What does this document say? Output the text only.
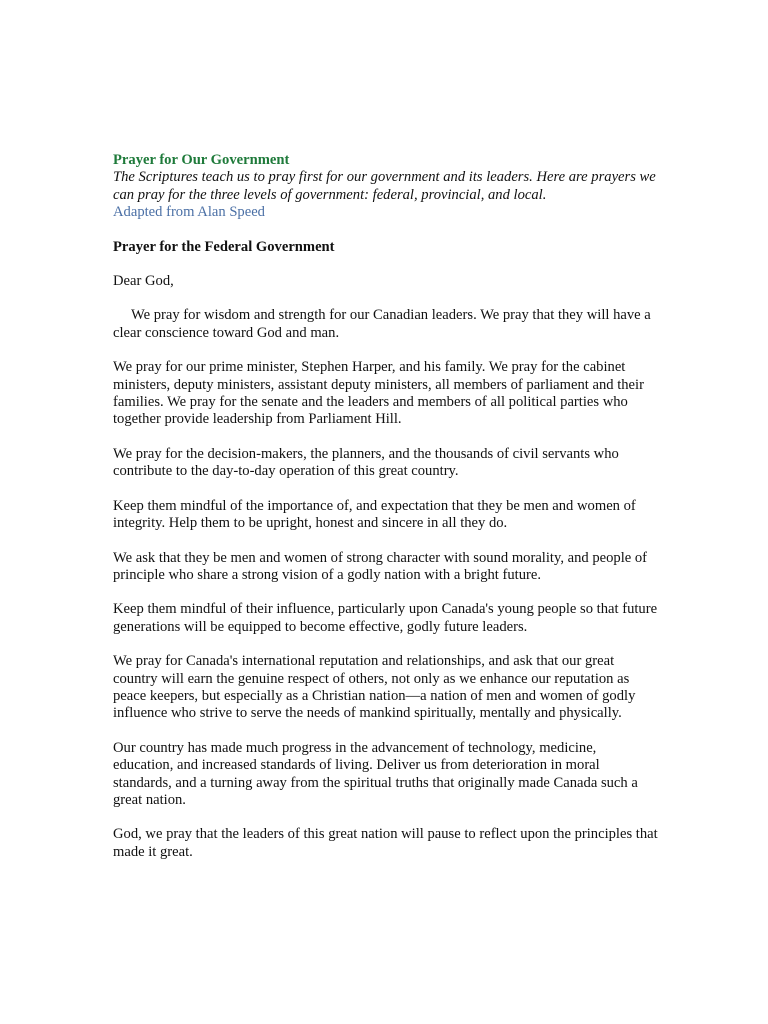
Prayer for Our Government

The Scriptures teach us to pray first for our government and its leaders. Here are prayers we can pray for the three levels of government: federal, provincial, and local.

Adapted from Alan Speed

Prayer for the Federal Government

Dear God,

We pray for wisdom and strength for our Canadian leaders. We pray that they will have a clear conscience toward God and man.

We pray for our prime minister, Stephen Harper, and his family. We pray for the cabinet ministers, deputy ministers, assistant deputy ministers, all members of parliament and their families. We pray for the senate and the leaders and members of all political parties who together provide leadership from Parliament Hill.

We pray for the decision-makers, the planners, and the thousands of civil servants who contribute to the day-to-day operation of this great country.

Keep them mindful of the importance of, and expectation that they be men and women of integrity. Help them to be upright, honest and sincere in all they do.

We ask that they be men and women of strong character with sound morality, and people of principle who share a strong vision of a godly nation with a bright future.

Keep them mindful of their influence, particularly upon Canada's young people so that future generations will be equipped to become effective, godly future leaders.

We pray for Canada's international reputation and relationships, and ask that our great country will earn the genuine respect of others, not only as we enhance our reputation as peace keepers, but especially as a Christian nation—a nation of men and women of godly influence who strive to serve the needs of mankind spiritually, mentally and physically.

Our country has made much progress in the advancement of technology, medicine, education, and increased standards of living. Deliver us from deterioration in moral standards, and a turning away from the spiritual truths that originally made Canada such a great nation.

God, we pray that the leaders of this great nation will pause to reflect upon the principles that made it great.
